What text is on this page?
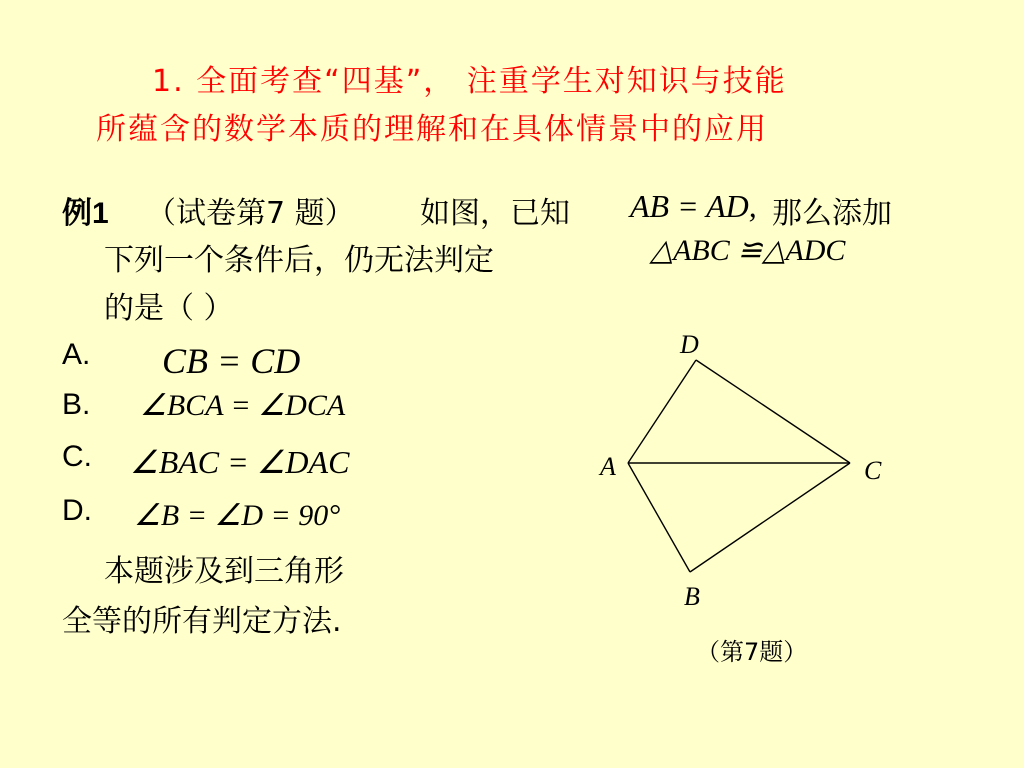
1. 全面考查“四基”， 注重学生对知识与技能
所蕴含的数学本质的理解和在具体情景中的应用
例1 （试卷第7 题） 如图，已知 AB = AD, 那么添加
下列一个条件后，仍无法判定	△ABC ≌△ADC
的是（ ）
A. CB = CD
B. ∠BCA = ∠DCA
C. ∠BAC = ∠DAC
D. ∠B = ∠D = 90°
本题涉及到三角形
全等的所有判定方法.
D
A	C
B
（第7题）
